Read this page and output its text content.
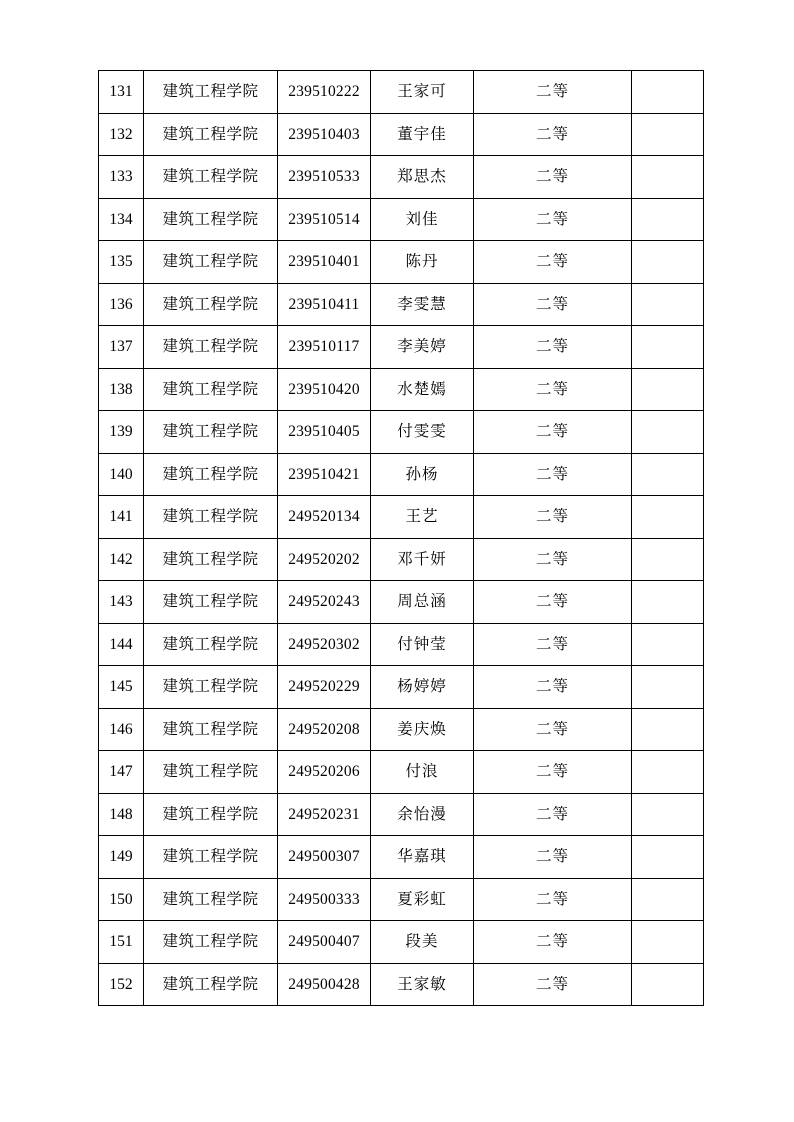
131	建筑工程学院	239510222	王家可	二等	
132	建筑工程学院	239510403	董宇佳	二等	
133	建筑工程学院	239510533	郑思杰	二等	
134	建筑工程学院	239510514	刘佳	二等	
135	建筑工程学院	239510401	陈丹	二等	
136	建筑工程学院	239510411	李雯慧	二等	
137	建筑工程学院	239510117	李美婷	二等	
138	建筑工程学院	239510420	水楚嫣	二等	
139	建筑工程学院	239510405	付雯雯	二等	
140	建筑工程学院	239510421	孙杨	二等	
141	建筑工程学院	249520134	王艺	二等	
142	建筑工程学院	249520202	邓千妍	二等	
143	建筑工程学院	249520243	周总涵	二等	
144	建筑工程学院	249520302	付钟莹	二等	
145	建筑工程学院	249520229	杨婷婷	二等	
146	建筑工程学院	249520208	姜庆焕	二等	
147	建筑工程学院	249520206	付浪	二等	
148	建筑工程学院	249520231	余怡漫	二等	
149	建筑工程学院	249500307	华嘉琪	二等	
150	建筑工程学院	249500333	夏彩虹	二等	
151	建筑工程学院	249500407	段美	二等	
152	建筑工程学院	249500428	王家敏	二等	
